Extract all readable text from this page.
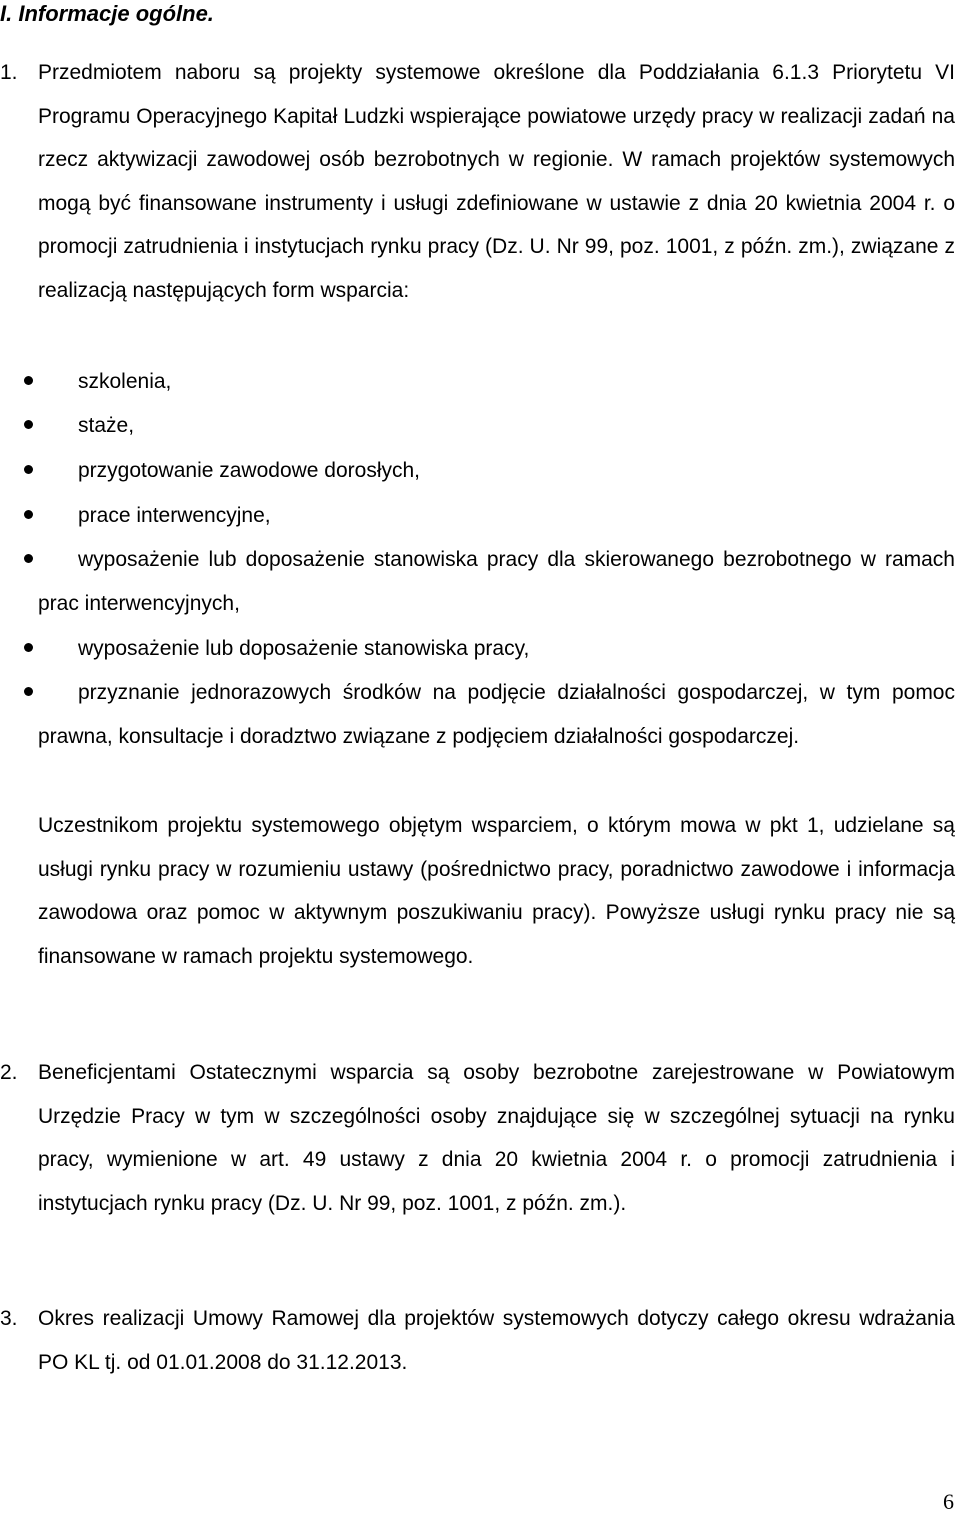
I. Informacje ogólne.
1. Przedmiotem naboru są projekty systemowe określone dla Poddziałania 6.1.3 Priorytetu VI Programu Operacyjnego Kapitał Ludzki wspierające powiatowe urzędy pracy w realizacji zadań na rzecz aktywizacji zawodowej osób bezrobotnych w regionie. W ramach projektów systemowych mogą być finansowane instrumenty i usługi zdefiniowane w ustawie z dnia 20 kwietnia 2004 r. o promocji zatrudnienia i instytucjach rynku pracy (Dz. U. Nr 99, poz. 1001, z późn. zm.), związane z realizacją następujących form wsparcia:
szkolenia,
staże,
przygotowanie zawodowe dorosłych,
prace interwencyjne,
wyposażenie lub doposażenie stanowiska pracy dla skierowanego bezrobotnego w ramach prac interwencyjnych,
wyposażenie lub doposażenie stanowiska pracy,
przyznanie jednorazowych środków na podjęcie działalności gospodarczej, w tym pomoc prawna, konsultacje i doradztwo związane z podjęciem działalności gospodarczej.
Uczestnikom projektu systemowego objętym wsparciem, o którym mowa w pkt 1, udzielane są usługi rynku pracy w rozumieniu ustawy (pośrednictwo pracy, poradnictwo zawodowe i informacja zawodowa oraz pomoc w aktywnym poszukiwaniu pracy). Powyższe usługi rynku pracy nie są finansowane w ramach projektu systemowego.
2. Beneficjentami Ostatecznymi wsparcia są osoby bezrobotne zarejestrowane w Powiatowym Urzędzie Pracy w tym w szczególności osoby znajdujące się w szczególnej sytuacji na rynku pracy, wymienione w art. 49 ustawy z dnia 20 kwietnia 2004 r. o promocji zatrudnienia i instytucjach rynku pracy (Dz. U. Nr 99, poz. 1001, z późn. zm.).
3. Okres realizacji Umowy Ramowej dla projektów systemowych dotyczy całego okresu wdrażania PO KL tj. od 01.01.2008 do 31.12.2013.

6
